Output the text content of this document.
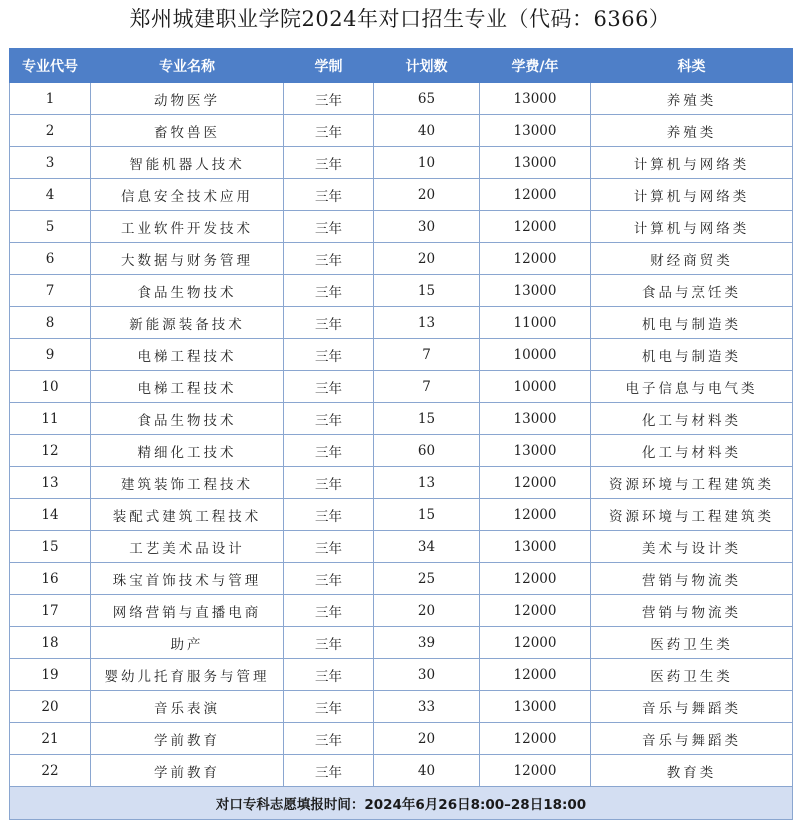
郑州城建职业学院2024年对口招生专业（代码：6366）
专业代号	专业名称	学制	计划数	学费/年	科类
1	动物医学	三年	65	13000	养殖类
2	畜牧兽医	三年	40	13000	养殖类
3	智能机器人技术	三年	10	13000	计算机与网络类
4	信息安全技术应用	三年	20	12000	计算机与网络类
5	工业软件开发技术	三年	30	12000	计算机与网络类
6	大数据与财务管理	三年	20	12000	财经商贸类
7	食品生物技术	三年	15	13000	食品与烹饪类
8	新能源装备技术	三年	13	11000	机电与制造类
9	电梯工程技术	三年	7	10000	机电与制造类
10	电梯工程技术	三年	7	10000	电子信息与电气类
11	食品生物技术	三年	15	13000	化工与材料类
12	精细化工技术	三年	60	13000	化工与材料类
13	建筑装饰工程技术	三年	13	12000	资源环境与工程建筑类
14	装配式建筑工程技术	三年	15	12000	资源环境与工程建筑类
15	工艺美术品设计	三年	34	13000	美术与设计类
16	珠宝首饰技术与管理	三年	25	12000	营销与物流类
17	网络营销与直播电商	三年	20	12000	营销与物流类
18	助产	三年	39	12000	医药卫生类
19	婴幼儿托育服务与管理	三年	30	12000	医药卫生类
20	音乐表演	三年	33	13000	音乐与舞蹈类
21	学前教育	三年	20	12000	音乐与舞蹈类
22	学前教育	三年	40	12000	教育类
对口专科志愿填报时间：2024年6月26日8:00–28日18:00					
